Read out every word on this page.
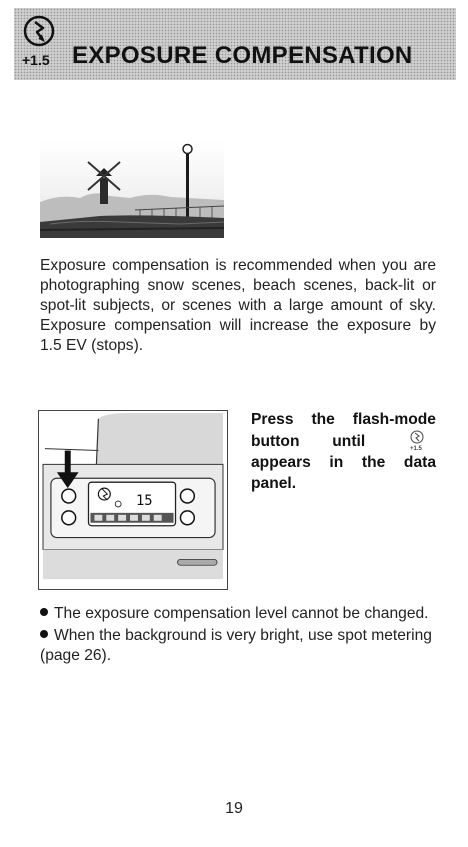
+1.5 EXPOSURE COMPENSATION

Exposure compensation is recommended when you are photographing snow scenes, beach scenes, back-lit or spot-lit subjects, or scenes with a large amount of sky. Exposure compensation will increase the exposure by 1.5 EV (stops).

15
Press the flash-mode button until	+1.5
appears in the data panel.
The exposure compensation level cannot be changed.
When the background is very bright, use spot metering (page 26).
19
